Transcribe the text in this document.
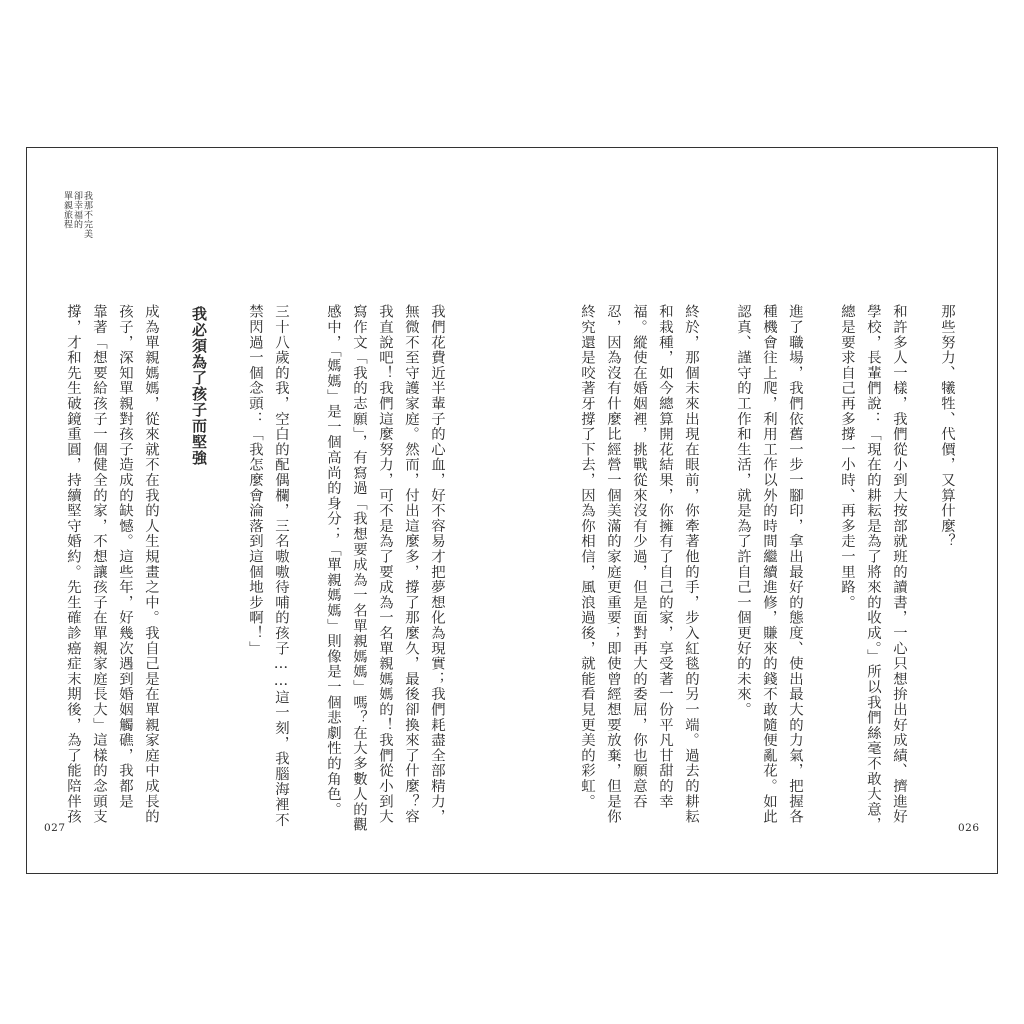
我那不完美
卻幸福的
單親旅程
那些努力、犧牲、代價，又算什麼？
和許多人一樣，我們從小到大按部就班的讀書，一心只想拚出好成績、擠進好
學校，長輩們說：「現在的耕耘是為了將來的收成。」所以我們絲毫不敢大意，
總是要求自己再多撐一小時、再多走一里路。
進了職場，我們依舊一步一腳印，拿出最好的態度、使出最大的力氣，把握各
種機會往上爬，利用工作以外的時間繼續進修，賺來的錢不敢隨便亂花。如此
認真、謹守的工作和生活，就是為了許自己一個更好的未來。
終於，那個未來出現在眼前，你牽著他的手，步入紅毯的另一端。過去的耕耘
和栽種，如今總算開花結果，你擁有了自己的家，享受著一份平凡甘甜的幸
福。縱使在婚姻裡，挑戰從來沒有少過，但是面對再大的委屈，你也願意吞
忍，因為沒有什麼比經營一個美滿的家庭更重要；即使曾經想要放棄，但是你
終究還是咬著牙撐了下去，因為你相信，風浪過後，就能看見更美的彩虹。
我們花費近半輩子的心血，好不容易才把夢想化為現實；我們耗盡全部精力，
無微不至守護家庭。然而，付出這麼多，撐了那麼久，最後卻換來了什麼？容
我直說吧！我們這麼努力，可不是為了要成為一名單親媽媽的！我們從小到大
寫作文「我的志願」，有寫過「我想要成為一名單親媽媽」嗎？在大多數人的觀
感中，「媽媽」是一個高尚的身分；「單親媽媽」則像是一個悲劇性的角色。
三十八歲的我，空白的配偶欄，三名嗷嗷待哺的孩子……這一刻，我腦海裡不
禁閃過一個念頭：「我怎麼會淪落到這個地步啊！」
我必須為了孩子而堅強
成為單親媽媽，從來就不在我的人生規畫之中。我自己是在單親家庭中成長的
孩子，深知單親對孩子造成的缺憾。這些年，好幾次遇到婚姻觸礁，我都是
靠著「想要給孩子一個健全的家，不想讓孩子在單親家庭長大」這樣的念頭支
撐，才和先生破鏡重圓，持續堅守婚約。先生確診癌症末期後，為了能陪伴孩
027	026
